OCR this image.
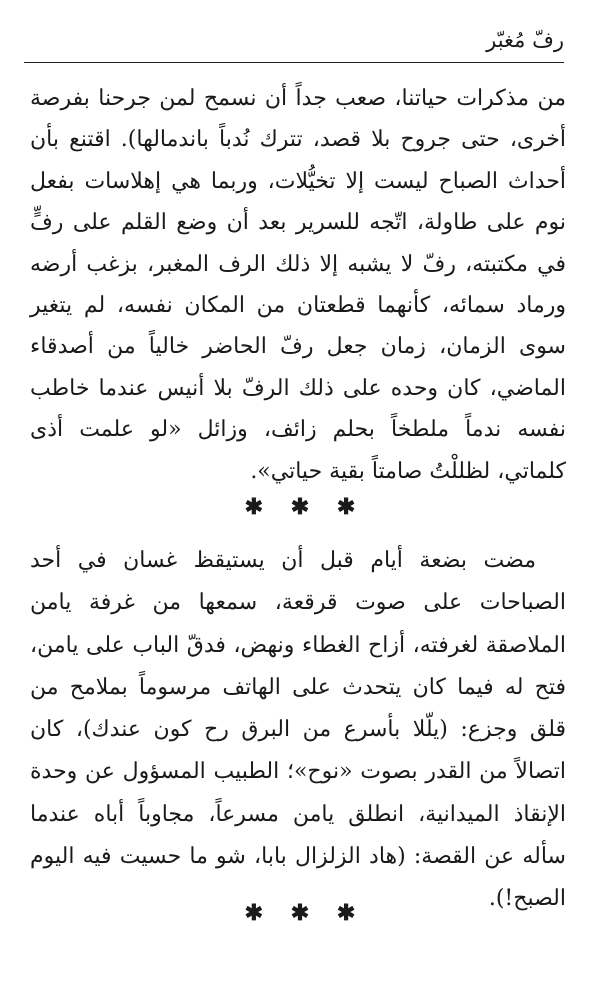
رفّ مُغبّر

من مذكرات حياتنا، صعب جداً أن نسمح لمن جرحنا بفرصة أخرى، حتى جروح بلا قصد، تترك نُدباً باندمالها). اقتنع بأن أحداث الصباح ليست إلا تخيُّلات، وربما هي إهلاسات بفعل نوم على طاولة، اتّجه للسرير بعد أن وضع القلم على رفٍّ في مكتبته، رفّ لا يشبه إلا ذلك الرف المغبر، بزغب أرضه ورماد سمائه، كأنهما قطعتان من المكان نفسه، لم يتغير سوى الزمان، زمان جعل رفّ الحاضر خالياً من أصدقاء الماضي، كان وحده على ذلك الرفّ بلا أنيس عندما خاطب نفسه ندماً ملطخاً بحلم زائف، وزائل «لو علمت أذى كلماتي، لظللْتُ صامتاً بقية حياتي».

✱ ✱ ✱

مضت بضعة أيام قبل أن يستيقظ غسان في أحد الصباحات على صوت قرقعة، سمعها من غرفة يامن الملاصقة لغرفته، أزاح الغطاء ونهض، فدقّ الباب على يامن، فتح له فيما كان يتحدث على الهاتف مرسوماً بملامح من قلق وجزع: (يلّلا بأسرع من البرق رح كون عندك)، كان اتصالاً من القدر بصوت «نوح»؛ الطبيب المسؤول عن وحدة الإنقاذ الميدانية، انطلق يامن مسرعاً، مجاوباً أباه عندما سأله عن القصة: (هاد الزلزال بابا، شو ما حسيت فيه اليوم الصبح!).

✱ ✱ ✱
